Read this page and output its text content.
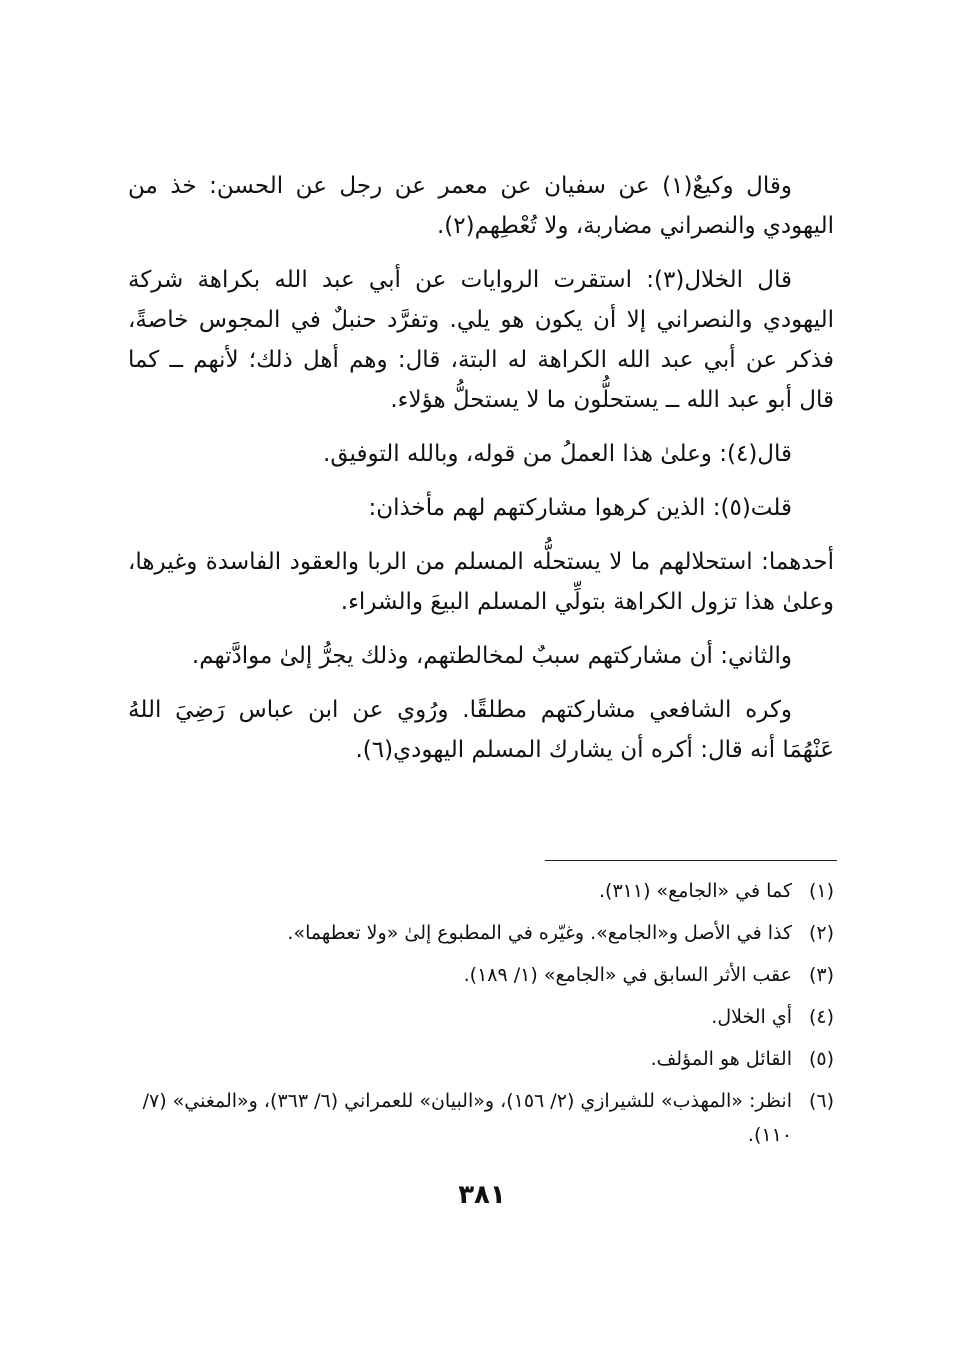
وقال وكيعٌ(١) عن سفيان عن معمر عن رجل عن الحسن: خذ من اليهودي والنصراني مضاربة، ولا تُعْطِهم(٢).

قال الخلال(٣): استقرت الروايات عن أبي عبد الله بكراهة شركة اليهودي والنصراني إلا أن يكون هو يلي. وتفرَّد حنبلٌ في المجوس خاصةً، فذكر عن أبي عبد الله الكراهة له البتة، قال: وهم أهل ذلك؛ لأنهم ــ كما قال أبو عبد الله ــ يستحلُّون ما لا يستحلُّ هؤلاء.

قال(٤): وعلىٰ هذا العملُ من قوله، وبالله التوفيق.

قلت(٥): الذين كرهوا مشاركتهم لهم مأخذان:

أحدهما: استحلالهم ما لا يستحلُّه المسلم من الربا والعقود الفاسدة وغيرها، وعلىٰ هذا تزول الكراهة بتولِّي المسلم البيعَ والشراء.

والثاني: أن مشاركتهم سببٌ لمخالطتهم، وذلك يجرُّ إلىٰ موادَّتهم.

وكره الشافعي مشاركتهم مطلقًا. ورُوي عن ابن عباس رَضِيَ اللهُ عَنْهُمَا أنه قال: أكره أن يشارك المسلم اليهودي(٦).

(١)
كما في «الجامع» (٣١١).
(٢)
كذا في الأصل و«الجامع». وغيّره في المطبوع إلىٰ «ولا تعطهما».
(٣)
عقب الأثر السابق في «الجامع» (١/ ١٨٩).
(٤)
أي الخلال.
(٥)
القائل هو المؤلف.
(٦)
انظر: «المهذب» للشيرازي (٢/ ١٥٦)، و«البيان» للعمراني (٦/ ٣٦٣)، و«المغني» (٧/ ١١٠).
٣٨١
